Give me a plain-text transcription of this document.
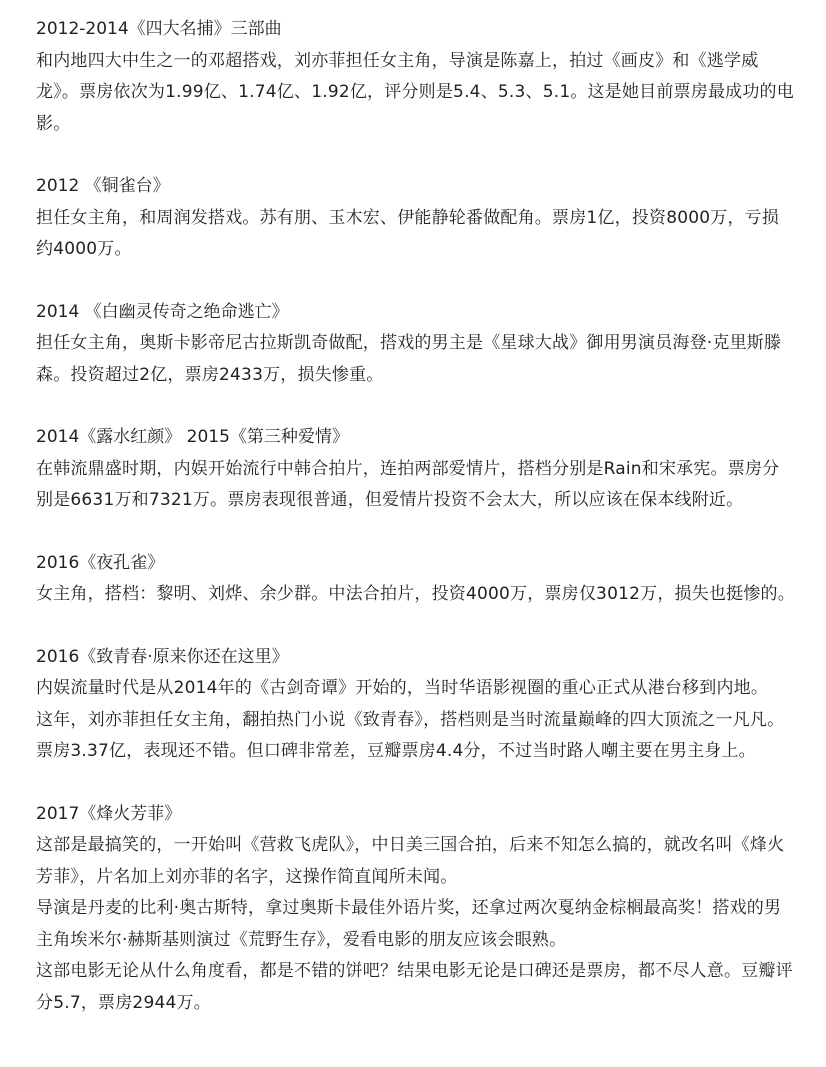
2012-2014《四大名捕》三部曲

和内地四大中生之一的邓超搭戏，刘亦菲担任女主角，导演是陈嘉上，拍过《画皮》和《逃学威龙》。票房依次为1.99亿、1.74亿、1.92亿，评分则是5.4、5.3、5.1。这是她目前票房最成功的电影。

2012 《铜雀台》

担任女主角，和周润发搭戏。苏有朋、玉木宏、伊能静轮番做配角。票房1亿，投资8000万，亏损约4000万。

2014 《白幽灵传奇之绝命逃亡》

担任女主角，奥斯卡影帝尼古拉斯凯奇做配，搭戏的男主是《星球大战》御用男演员海登·克里斯滕森。投资超过2亿，票房2433万，损失惨重。

2014《露水红颜》 2015《第三种爱情》

在韩流鼎盛时期，内娱开始流行中韩合拍片，连拍两部爱情片，搭档分别是Rain和宋承宪。票房分别是6631万和7321万。票房表现很普通，但爱情片投资不会太大，所以应该在保本线附近。

2016《夜孔雀》

女主角，搭档：黎明、刘烨、余少群。中法合拍片，投资4000万，票房仅3012万，损失也挺惨的。

2016《致青春·原来你还在这里》

内娱流量时代是从2014年的《古剑奇谭》开始的，当时华语影视圈的重心正式从港台移到内地。

这年，刘亦菲担任女主角，翻拍热门小说《致青春》，搭档则是当时流量巅峰的四大顶流之一凡凡。

票房3.37亿，表现还不错。但口碑非常差，豆瓣票房4.4分，不过当时路人嘲主要在男主身上。

2017《烽火芳菲》

这部是最搞笑的，一开始叫《营救飞虎队》，中日美三国合拍，后来不知怎么搞的，就改名叫《烽火芳菲》，片名加上刘亦菲的名字，这操作简直闻所未闻。

导演是丹麦的比利·奥古斯特，拿过奥斯卡最佳外语片奖，还拿过两次戛纳金棕榈最高奖！搭戏的男主角埃米尔·赫斯基则演过《荒野生存》，爱看电影的朋友应该会眼熟。

这部电影无论从什么角度看，都是不错的饼吧？结果电影无论是口碑还是票房，都不尽人意。豆瓣评分5.7，票房2944万。
